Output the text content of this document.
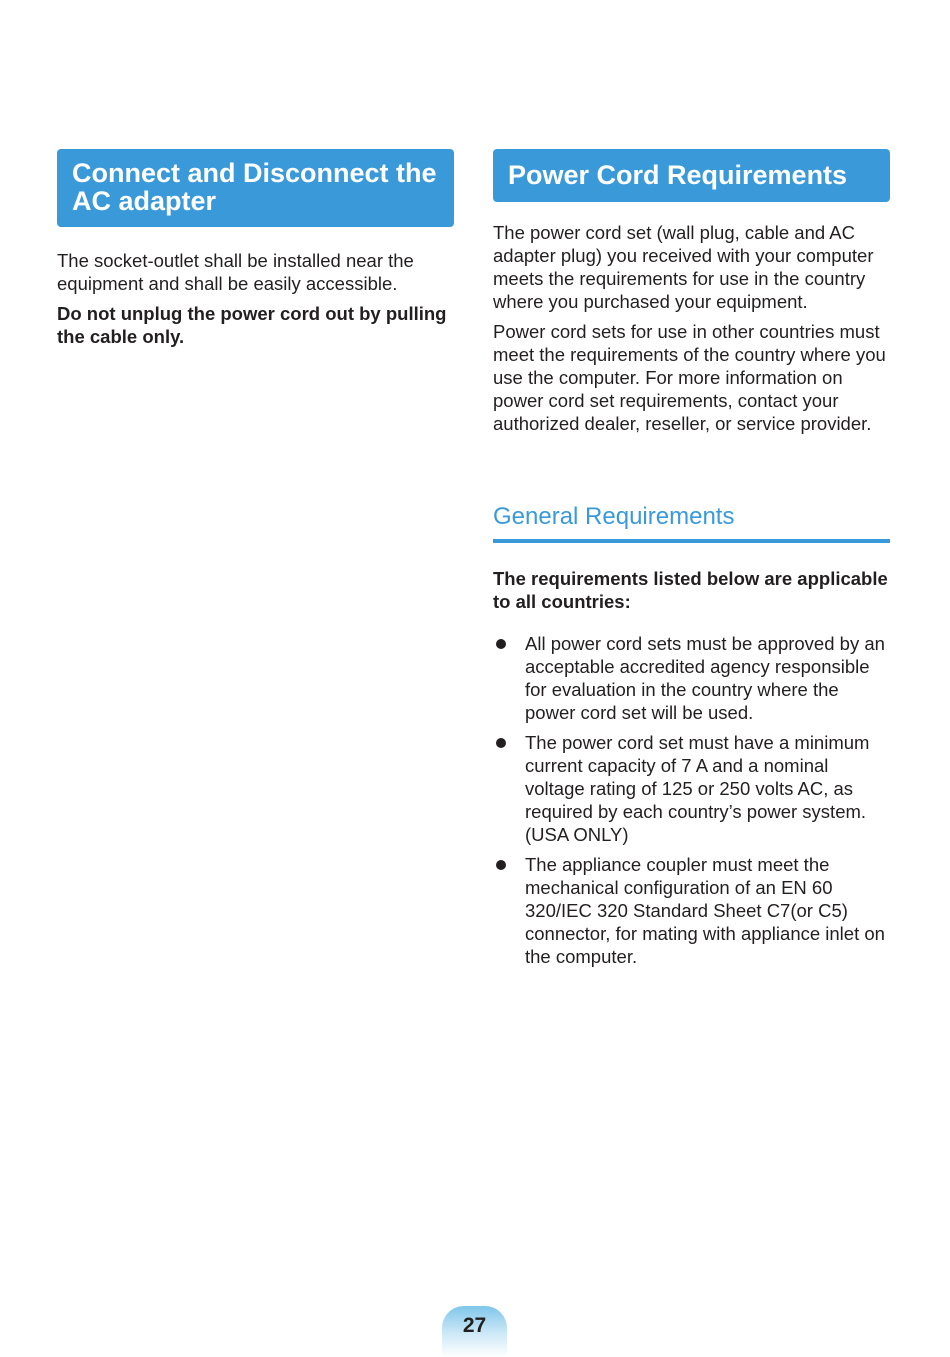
Connect and Disconnect the AC adapter

The socket-outlet shall be installed near the equipment and shall be easily accessible.

Do not unplug the power cord out by pulling the cable only.

Power Cord Requirements

The power cord set (wall plug, cable and AC adapter plug) you received with your computer meets the requirements for use in the country where you purchased your equipment.

Power cord sets for use in other countries must meet the requirements of the country where you use the computer. For more information on power cord set requirements, contact your authorized dealer, reseller, or service provider.

General Requirements

The requirements listed below are applicable to all countries:

All power cord sets must be approved by an acceptable accredited agency responsible for evaluation in the country where the power cord set will be used.
The power cord set must have a minimum current capacity of 7 A and a nominal voltage rating of 125 or 250 volts AC, as required by each country’s power system. (USA ONLY)
The appliance coupler must meet the mechanical configuration of an EN 60 320/IEC 320 Standard Sheet C7(or C5) connector, for mating with appliance inlet on the computer.
27
